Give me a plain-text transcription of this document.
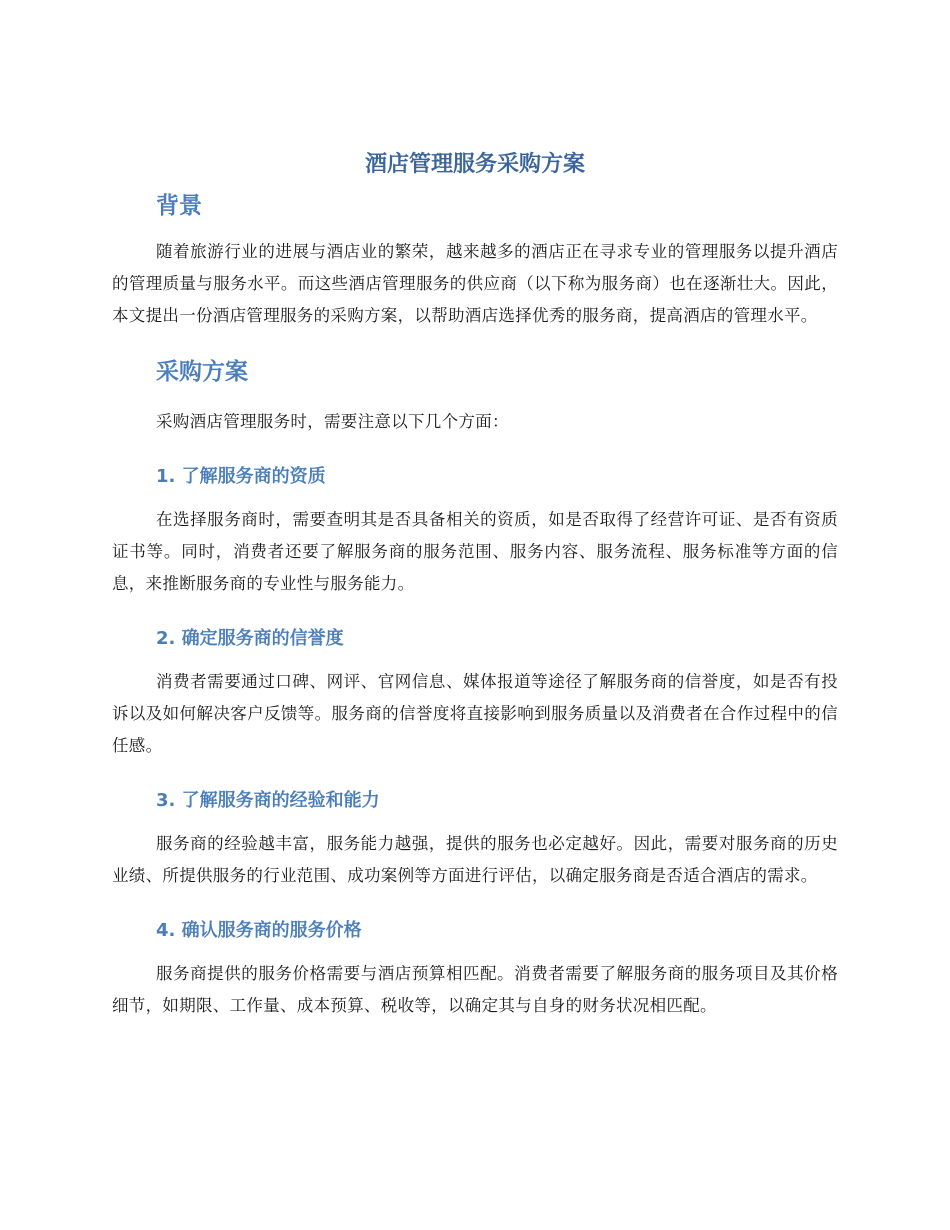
酒店管理服务采购方案
背景

随着旅游行业的进展与酒店业的繁荣，越来越多的酒店正在寻求专业的管理服务以提升酒店的管理质量与服务水平。而这些酒店管理服务的供应商（以下称为服务商）也在逐渐壮大。因此，本文提出一份酒店管理服务的采购方案，以帮助酒店选择优秀的服务商，提高酒店的管理水平。

采购方案

采购酒店管理服务时，需要注意以下几个方面：

1. 了解服务商的资质

在选择服务商时，需要查明其是否具备相关的资质，如是否取得了经营许可证、是否有资质证书等。同时，消费者还要了解服务商的服务范围、服务内容、服务流程、服务标准等方面的信息，来推断服务商的专业性与服务能力。

2. 确定服务商的信誉度

消费者需要通过口碑、网评、官网信息、媒体报道等途径了解服务商的信誉度，如是否有投诉以及如何解决客户反馈等。服务商的信誉度将直接影响到服务质量以及消费者在合作过程中的信任感。

3. 了解服务商的经验和能力

服务商的经验越丰富，服务能力越强，提供的服务也必定越好。因此，需要对服务商的历史业绩、所提供服务的行业范围、成功案例等方面进行评估，以确定服务商是否适合酒店的需求。

4. 确认服务商的服务价格

服务商提供的服务价格需要与酒店预算相匹配。消费者需要了解服务商的服务项目及其价格细节，如期限、工作量、成本预算、税收等，以确定其与自身的财务状况相匹配。
